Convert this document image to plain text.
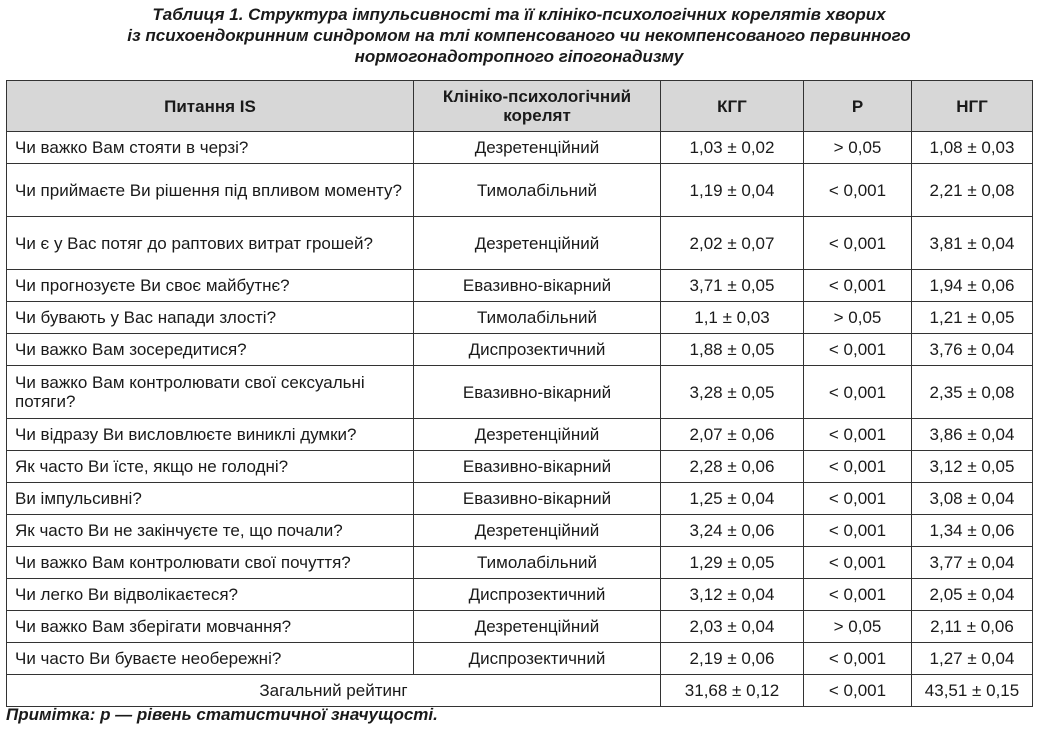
Таблиця 1. Структура імпульсивності та її клініко-психологічних корелятів хворих
із психоендокринним синдромом на тлі компенсованого чи некомпенсованого первинного
нормогонадотропного гіпогонадизму
Питання IS	Клініко-психологічний корелят	КГГ	Р	НГГ
Чи важко Вам стояти в черзі?	Дезретенційний	1,03 ± 0,02	> 0,05	1,08 ± 0,03
Чи приймаєте Ви рішення під впливом моменту?	Тимолабільний	1,19 ± 0,04	< 0,001	2,21 ± 0,08
Чи є у Вас потяг до раптових витрат грошей?	Дезретенційний	2,02 ± 0,07	< 0,001	3,81 ± 0,04
Чи прогнозуєте Ви своє майбутнє?	Евазивно-вікарний	3,71 ± 0,05	< 0,001	1,94 ± 0,06
Чи бувають у Вас напади злості?	Тимолабільний	1,1 ± 0,03	> 0,05	1,21 ± 0,05
Чи важко Вам зосередитися?	Диспрозектичний	1,88 ± 0,05	< 0,001	3,76 ± 0,04
Чи важко Вам контролювати свої сексуальні потяги?	Евазивно-вікарний	3,28 ± 0,05	< 0,001	2,35 ± 0,08
Чи відразу Ви висловлюєте виниклі думки?	Дезретенційний	2,07 ± 0,06	< 0,001	3,86 ± 0,04
Як часто Ви їсте, якщо не голодні?	Евазивно-вікарний	2,28 ± 0,06	< 0,001	3,12 ± 0,05
Ви імпульсивні?	Евазивно-вікарний	1,25 ± 0,04	< 0,001	3,08 ± 0,04
Як часто Ви не закінчуєте те, що почали?	Дезретенційний	3,24 ± 0,06	< 0,001	1,34 ± 0,06
Чи важко Вам контролювати свої почуття?	Тимолабільний	1,29 ± 0,05	< 0,001	3,77 ± 0,04
Чи легко Ви відволікаєтеся?	Диспрозектичний	3,12 ± 0,04	< 0,001	2,05 ± 0,04
Чи важко Вам зберігати мовчання?	Дезретенційний	2,03 ± 0,04	> 0,05	2,11 ± 0,06
Чи часто Ви буваєте необережні?	Диспрозектичний	2,19 ± 0,06	< 0,001	1,27 ± 0,04
Загальний рейтинг		31,68 ± 0,12	< 0,001	43,51 ± 0,15
Примітка: р — рівень статистичної значущості.
